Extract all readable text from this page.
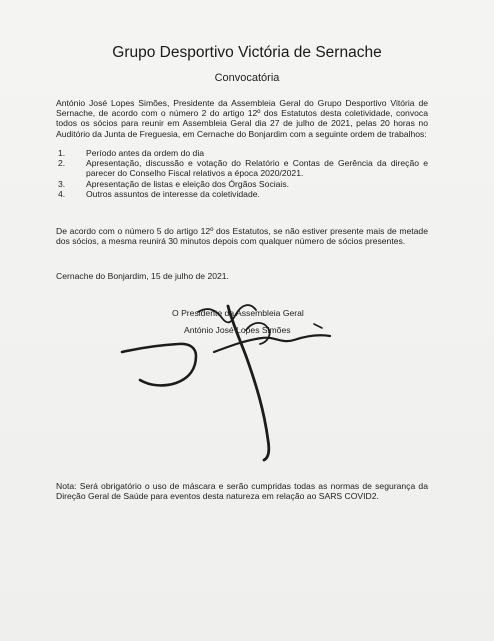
Grupo Desportivo Victória de Sernache
Convocatória
António José Lopes Simões, Presidente da Assembleia Geral do Grupo Desportivo Vitória de Sernache, de acordo com o número 2 do artigo 12º dos Estatutos desta coletividade, convoca todos os sócios para reunir em Assembleia Geral dia 27 de julho de 2021, pelas 20 horas no Auditório da Junta de Freguesia, em Cernache do Bonjardim com a seguinte ordem de trabalhos:
1.	Período antes da ordem do dia
2.	Apresentação, discussão e votação do Relatório e Contas de Gerência da direção e parecer do Conselho Fiscal relativos a época 2020/2021.
3.	Apresentação de listas e eleição dos Órgãos Sociais.
4.	Outros assuntos de interesse da coletividade.
De acordo com o número 5 do artigo 12º dos Estatutos, se não estiver presente mais de metade dos sócios, a mesma reunirá 30 minutos depois com qualquer número de sócios presentes.
Cernache do Bonjardim, 15 de julho de 2021.
O Presidente da Assembleia Geral
António José Lopes Simões
Nota: Será obrigatório o uso de máscara e serão cumpridas todas as normas de segurança da Direção Geral de Saúde para eventos desta natureza em relação ao SARS COVID2.
